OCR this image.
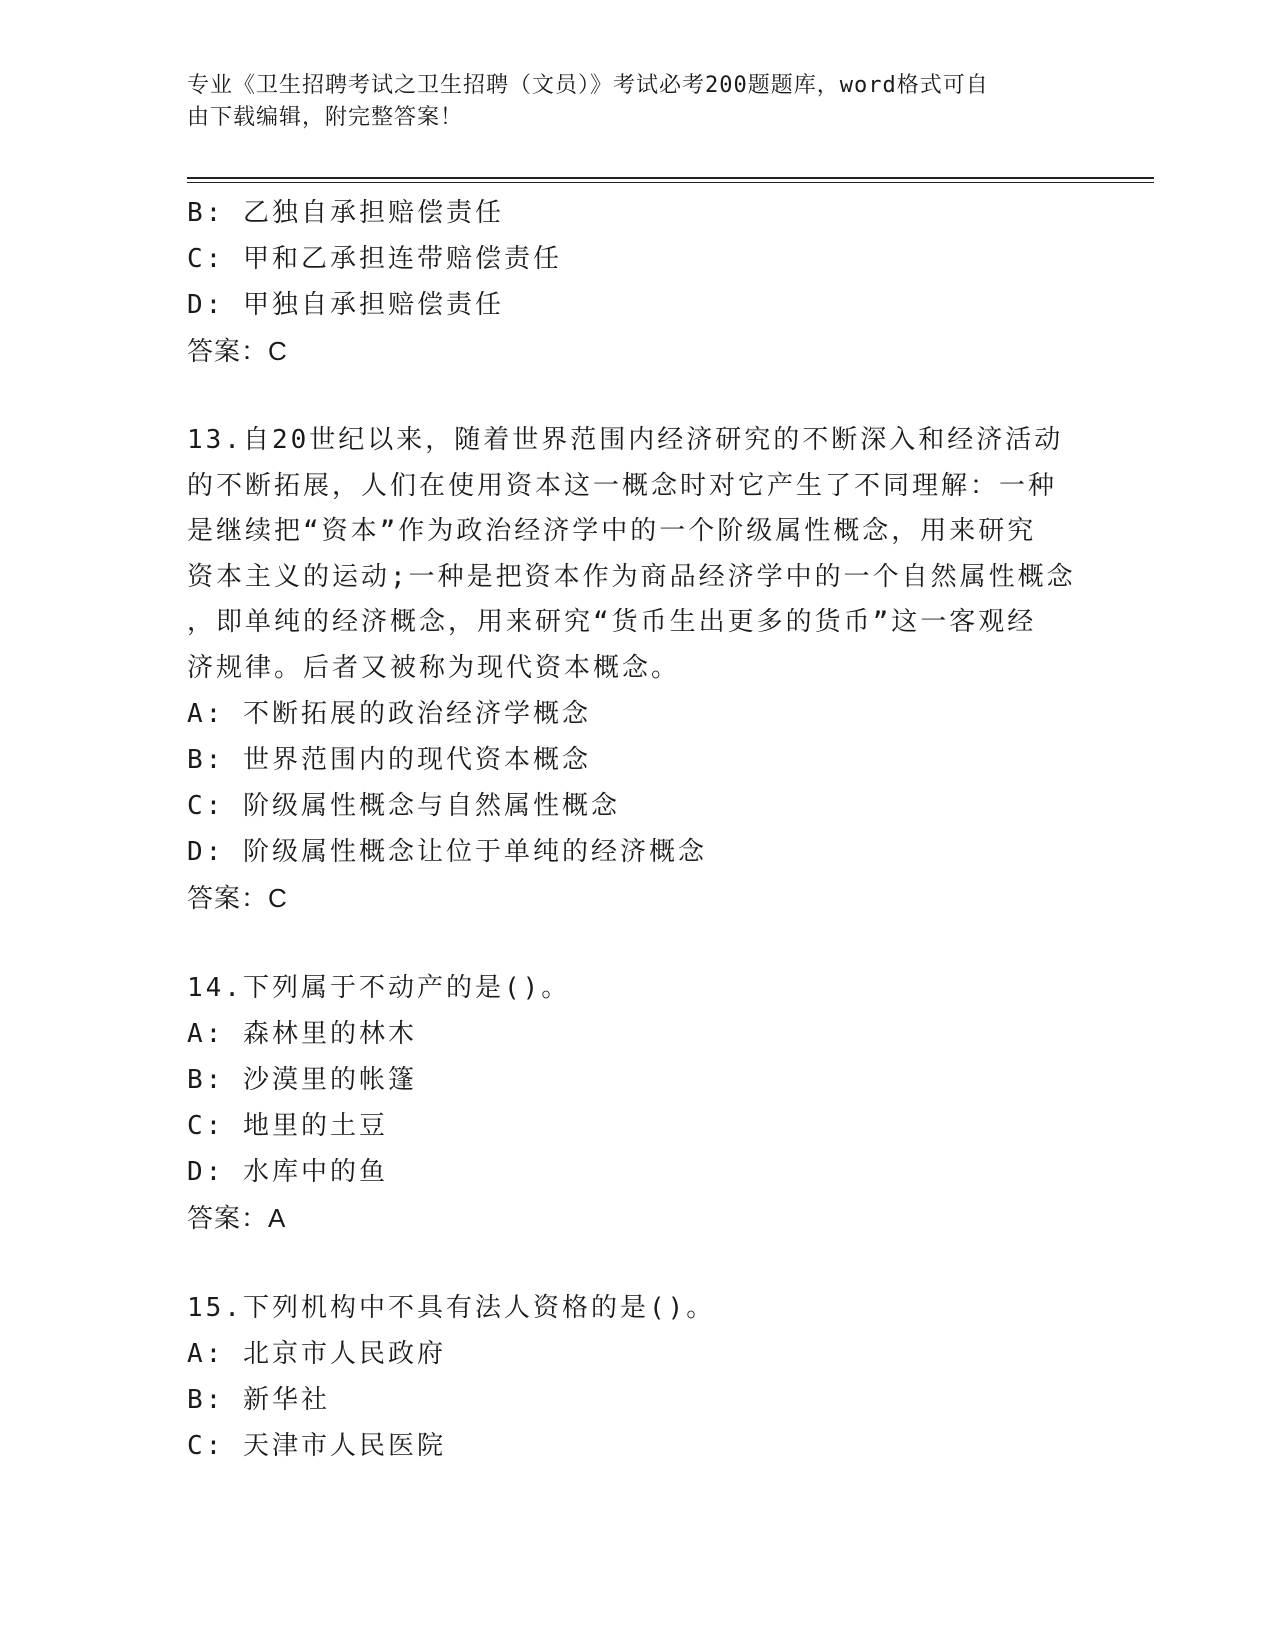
专业《卫生招聘考试之卫生招聘（文员）》考试必考200题题库，word格式可自
由下载编辑，附完整答案！
B: 乙独自承担赔偿责任
C: 甲和乙承担连带赔偿责任
D: 甲独自承担赔偿责任
答案：C
13.自20世纪以来，随着世界范围内经济研究的不断深入和经济活动
的不断拓展，人们在使用资本这一概念时对它产生了不同理解：一种
是继续把“资本”作为政治经济学中的一个阶级属性概念，用来研究
资本主义的运动;一种是把资本作为商品经济学中的一个自然属性概念
，即单纯的经济概念，用来研究“货币生出更多的货币”这一客观经
济规律。后者又被称为现代资本概念。
A: 不断拓展的政治经济学概念
B: 世界范围内的现代资本概念
C: 阶级属性概念与自然属性概念
D: 阶级属性概念让位于单纯的经济概念
答案：C
14.下列属于不动产的是()。
A: 森林里的林木
B: 沙漠里的帐篷
C: 地里的土豆
D: 水库中的鱼
答案：A
15.下列机构中不具有法人资格的是()。
A: 北京市人民政府
B: 新华社
C: 天津市人民医院
